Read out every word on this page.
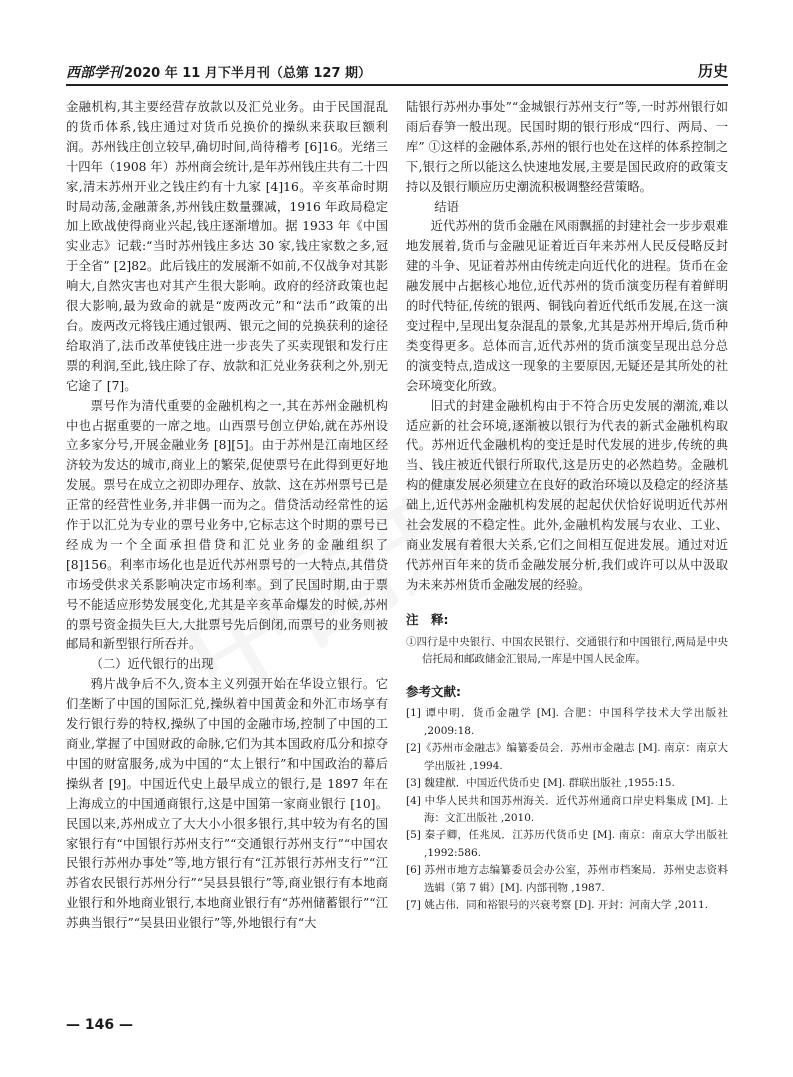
西部学刊 2020 年 11 月下半月刊（总第 127 期）	历史

金融机构,其主要经营存放款以及汇兑业务。由于民国混乱的货币体系,钱庄通过对货币兑换价的操纵来获取巨额利润。苏州钱庄创立较早,确切时间,尚待稽考 [6]16。光绪三十四年（1908 年）苏州商会统计,是年苏州钱庄共有二十四家,清末苏州开业之钱庄约有十九家 [4]16。辛亥革命时期时局动荡,金融萧条,苏州钱庄数量骤减，1916 年政局稳定加上欧战使得商业兴起,钱庄逐渐增加。据 1933 年《中国实业志》记载:“当时苏州钱庄多达 30 家,钱庄家数之多,冠于全省” [2]82。此后钱庄的发展渐不如前,不仅战争对其影响大,自然灾害也对其产生很大影响。政府的经济政策也起很大影响,最为致命的就是“废两改元”和“法币”政策的出台。废两改元将钱庄通过银两、银元之间的兑换获利的途径给取消了,法币改革使钱庄进一步丧失了买卖现银和发行庄票的利润,至此,钱庄除了存、放款和汇兑业务获利之外,别无它途了 [7]。

票号作为清代重要的金融机构之一,其在苏州金融机构中也占据重要的一席之地。山西票号创立伊始,就在苏州设立多家分号,开展金融业务 [8][5]。由于苏州是江南地区经济较为发达的城市,商业上的繁荣,促使票号在此得到更好地发展。票号在成立之初即办理存、放款、这在苏州票号已是正常的经营性业务,并非偶一而为之。借贷活动经常性的运作于以汇兑为专业的票号业务中,它标志这个时期的票号已经成为一个全面承担借贷和汇兑业务的金融组织了 [8]156。利率市场化也是近代苏州票号的一大特点,其借贷市场受供求关系影响决定市场利率。到了民国时期,由于票号不能适应形势发展变化,尤其是辛亥革命爆发的时候,苏州的票号资金损失巨大,大批票号先后倒闭,而票号的业务则被邮局和新型银行所吞并。

（二）近代银行的出现

鸦片战争后不久,资本主义列强开始在华设立银行。它们垄断了中国的国际汇兑,操纵着中国黄金和外汇市场享有发行银行券的特权,操纵了中国的金融市场,控制了中国的工商业,掌握了中国财政的命脉,它们为其本国政府瓜分和掠夺中国的财富服务,成为中国的“太上银行”和中国政治的幕后操纵者 [9]。中国近代史上最早成立的银行,是 1897 年在上海成立的中国通商银行,这是中国第一家商业银行 [10]。民国以来,苏州成立了大大小小很多银行,其中较为有名的国家银行有“中国银行苏州支行”“交通银行苏州支行”“中国农民银行苏州办事处”等,地方银行有“江苏银行苏州支行”“江苏省农民银行苏州分行”“吴县县银行”等,商业银行有本地商业银行和外地商业银行,本地商业银行有“苏州储蓄银行”“江苏典当银行”“吴县田业银行”等,外地银行有“大

陆银行苏州办事处”“金城银行苏州支行”等,一时苏州银行如雨后春笋一般出现。民国时期的银行形成“四行、两局、一库” ①这样的金融体系,苏州的银行也处在这样的体系控制之下,银行之所以能这么快速地发展,主要是国民政府的政策支持以及银行顺应历史潮流积极调整经营策略。

结语

近代苏州的货币金融在风雨飘摇的封建社会一步步艰难地发展着,货币与金融见证着近百年来苏州人民反侵略反封建的斗争、见证着苏州由传统走向近代化的进程。货币在金融发展中占据核心地位,近代苏州的货币演变历程有着鲜明的时代特征,传统的银两、铜钱向着近代纸币发展,在这一演变过程中,呈现出复杂混乱的景象,尤其是苏州开埠后,货币种类变得更多。总体而言,近代苏州的货币演变呈现出总分总的演变特点,造成这一现象的主要原因,无疑还是其所处的社会环境变化所致。

旧式的封建金融机构由于不符合历史发展的潮流,难以适应新的社会环境,逐渐被以银行为代表的新式金融机构取代。苏州近代金融机构的变迁是时代发展的进步,传统的典当、钱庄被近代银行所取代,这是历史的必然趋势。金融机构的健康发展必须建立在良好的政治环境以及稳定的经济基础上,近代苏州金融机构发展的起起伏伏恰好说明近代苏州社会发展的不稳定性。此外,金融机构发展与农业、工业、商业发展有着很大关系,它们之间相互促进发展。通过对近代苏州百年来的货币金融发展分析,我们或许可以从中汲取为未来苏州货币金融发展的经验。

注　释:

①四行是中央银行、中国农民银行、交通银行和中国银行,两局是中央信托局和邮政储金汇银局,一库是中国人民金库。

参考文献:

[1] 谭中明．货币金融学 [M]. 合肥：中国科学技术大学出版社 ,2009:18.

[2]《苏州市金融志》编纂委员会．苏州市金融志 [M]. 南京：南京大学出版社 ,1994.

[3] 魏建猷．中国近代货币史 [M]. 群联出版社 ,1955:15.

[4] 中华人民共和国苏州海关．近代苏州通商口岸史料集成 [M]. 上海：文汇出版社 ,2010.

[5] 秦子卿，任兆凤．江苏历代货币史 [M]. 南京：南京大学出版社 ,1992:586.

[6] 苏州市地方志编纂委员会办公室，苏州市档案局．苏州史志资料选辑（第 7 辑）[M]. 内部刊物 ,1987.

[7] 姚占伟．同和裕银号的兴衰考察 [D]. 开封：河南大学 ,2011.

— 146 —
